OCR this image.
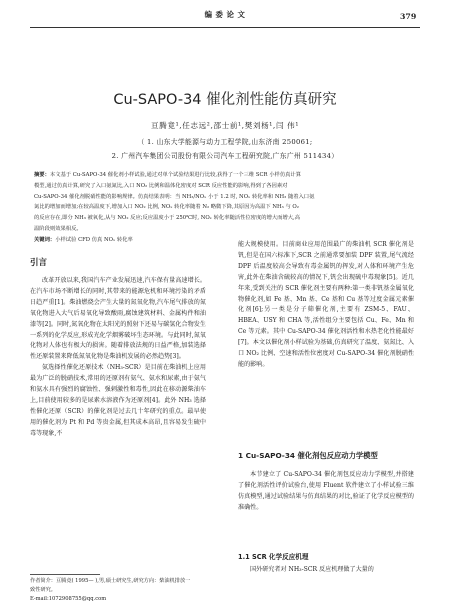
编 委 论 文	379
Cu-SAPO-34 催化剂性能仿真研究
亘腾竟¹,任志远²,邵士前¹,樊刘杨¹,闫 伟¹
（ 1. 山东大学能源与动力工程学院,山东济南 250061;
2. 广州汽车集团公司股份有限公司汽车工程研究院,广东广州 511434）
摘要：本文基于 Cu-SAPO-34 催化剂小样试验,通过对单个试验结果进行比较,获得了一个三维 SCR 小样仿真计算
模型,通过仿真计算,研究了入口氨氮比,入口 NO₂ 比例和温体化密度对 SCR 反应性能的影响,得到了各因素对
Cu-SAPO-34 催化剂脱硝性能的影响规律。仿真结果表明：当 NH₃/NOₓ 小于 1.2 时, NOₓ 转化率和 NH₃ 随着入口氨
氮比的增加而增加;在较高温度下,增加入口 NO₂ 比例, NOₓ 转化率随着 N₂ 略微下降,其原因为高温下 NH₃ 与 O₂
的反应存在,即分 NH₃ 被氧化,从与 NO₂ 反应;反应温度小于 250℃时, NOₓ 转化率随活性位密度的增大而增大,高
温阶段则效果相反。
关键词：小样试验 CFD 仿真 NOₓ 转化率
引言

改革开放以来,我国汽车产业发展迅速,汽车保有量高速增长。在汽车市场不断增长的同时,其带来的能源危机和环境污染的矛盾日趋严重[1]。柴油燃烧会产生大量的氮氧化物,汽车尾气排放的氮氧化物进入大气后易氧化导致酸雨,腐蚀建筑材料、金属构件和油漆等[2]。同时,氮氧化物在太阳光的照射下还易与碳氢化合物发生一系列的化学反应,形成光化学烟雾破坏生态环境。与此同时,氮氧化物对人体也有极大的损害。随着排放法规的日益严格,加装选择性还原装置来降低氮氧化物是柴油机发展的必然趋势[3]。

氨选择性催化还原技术（NH₃-SCR）是目前在柴油机上应用最为广泛的脱硝技术,常用的还原剂有氨气、氨水和尿素,由于氨气和氨水具有强烈的腐蚀性、强刺激性和毒性,因此在移动源柴油车上,目前使用较多的是尿素水溶液作为还原剂[4]。此外 NH₃ 选择性催化还原（SCR）的催化剂是过去几十年研究的重点。最早使用的催化剂为 Pt 和 Pd 等贵金属,但其成本高昂,且容易发生硫中毒等现象,不

能大规模使用。目前商业应用范围最广的柴油机 SCR 催化剂是钒,但是在国六标准下,SCR 之前通常要加装 DPF 装置,尾气流经 DPF 后温度较高会导致有毒金属钒的挥发,对人体和环境产生危害,此外在柴油含硫较高的情况下,钒会出现硫中毒现象[5]。近几年来,受到关注的 SCR 催化剂主要有两种:第一类非钒基金属氧化物催化剂,如 Fe 基、Mn 基、Ce 基和 Cu 基等过度金属元素催化剂[6];另一类是分子筛催化剂,主要有 ZSM-5、FAU、HBEA、USY 和 CHA 等,活性组分主要包括 Cu、Fe、Mn 和 Ce 等元素。其中 Cu-SAPO-34 催化剂活性和水热老化性能最好[7]。本文以催化剂小样试验为基础,仿真研究了温度、氨氮比、入口 NO₂ 比例、空速和活性位密度对 Cu-SAPO-34 催化剂脱硝性能的影响。

1 Cu-SAPO-34 催化剂包反应动力学模型

本节建立了 Cu-SAPO-34 催化剂包反应动力学模型,并搭建了催化剂活性评价试验台,使用 Fluent 软件建立了小样试验三维仿真模型,通过试验结果与仿真结果的对比,验证了化学反应模型的准确性。

1.1 SCR 化学反应机理

国外研究者对 NH₃-SCR 反应机理做了大量的

作者简介：亘腾竟( 1995— ),男,硕士研究生,研究方向：柴油机排放一
致性研究。
E-mail:1072908755@qq.com
